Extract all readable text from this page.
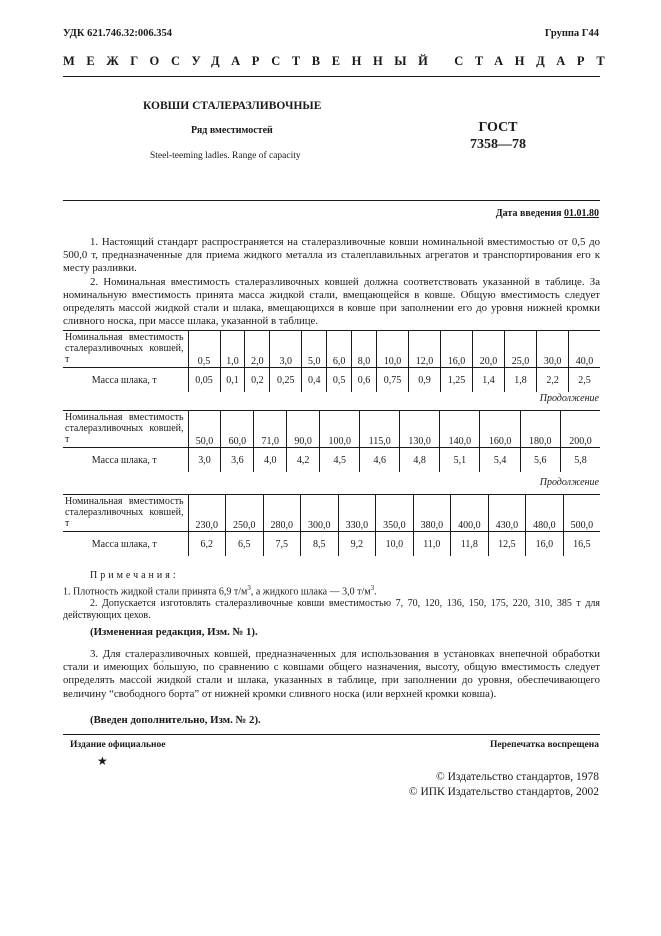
УДК 621.746.32:006.354	Группа Г44
МЕЖГОСУДАРСТВЕННЫЙ СТАНДАРТ
КОВШИ СТАЛЕРАЗЛИВОЧНЫЕ
Ряд вместимостей
Steel-teeming ladles. Range of capacity
ГОСТ
7358—78
Дата введения 01.01.80

1. Настоящий стандарт распространяется на сталеразливочные ковши номинальной вместимостью от 0,5 до 500,0 т, предназначенные для приема жидкого металла из сталеплавильных агрегатов и транспортирования его к месту разливки.

2. Номинальная вместимость сталеразливочных ковшей должна соответствовать указанной в таблице. За номинальную вместимость принята масса жидкой стали, вмещающейся в ковше. Общую вместимость следует определять массой жидкой стали и шлака, вмещающихся в ковше при заполнении его до уровня нижней кромки сливного носка, при массе шлака, указанной в таблице.

Номинальная вместимость сталеразливочных ковшей, т	0,5	1,0	2,0	3,0	5,0	6,0	8,0	10,0	12,0	16,0	20,0	25,0	30,0	40,0
Масса шлака, т	0,05	0,1	0,2	0,25	0,4	0,5	0,6	0,75	0,9	1,25	1,4	1,8	2,2	2,5
Продолжение
Номинальная вместимость сталеразливочных ковшей, т	50,0	60,0	71,0	90,0	100,0	115,0	130,0	140,0	160,0	180,0	200,0
Масса шлака, т	3,0	3,6	4,0	4,2	4,5	4,6	4,8	5,1	5,4	5,6	5,8
Продолжение
Номинальная вместимость сталеразливочных ковшей, т	230,0	250,0	280,0	300,0	330,0	350,0	380,0	400,0	430,0	480,0	500,0
Масса шлака, т	6,2	6,5	7,5	8,5	9,2	10,0	11,0	11,8	12,5	16,0	16,5
Примечания:
1. Плотность жидкой стали принята 6,9 $т/м^3$, а жидкого шлака — 3,0 $т/м^3$.
2. Допускается изготовлять сталеразливочные ковши вместимостью 7, 70, 120, 136, 150, 175, 220, 310, 385 т для действующих цехов.
(Измененная редакция, Изм. № 1).

3. Для сталеразливочных ковшей, предназначенных для использования в установках внепечной обработки стали и имеющих бо́льшую, по сравнению с ковшами общего назначения, высоту, общую вместимость следует определять массой жидкой стали и шлака, указанных в таблице, при заполнении до уровня, обеспечивающего величину “свободного борта” от нижней кромки сливного носка (или верхней кромки ковша).

(Введен дополнительно, Изм. № 2).
Издание официальное	Перепечатка воспрещена
★
© Издательство стандартов, 1978
© ИПК Издательство стандартов, 2002
